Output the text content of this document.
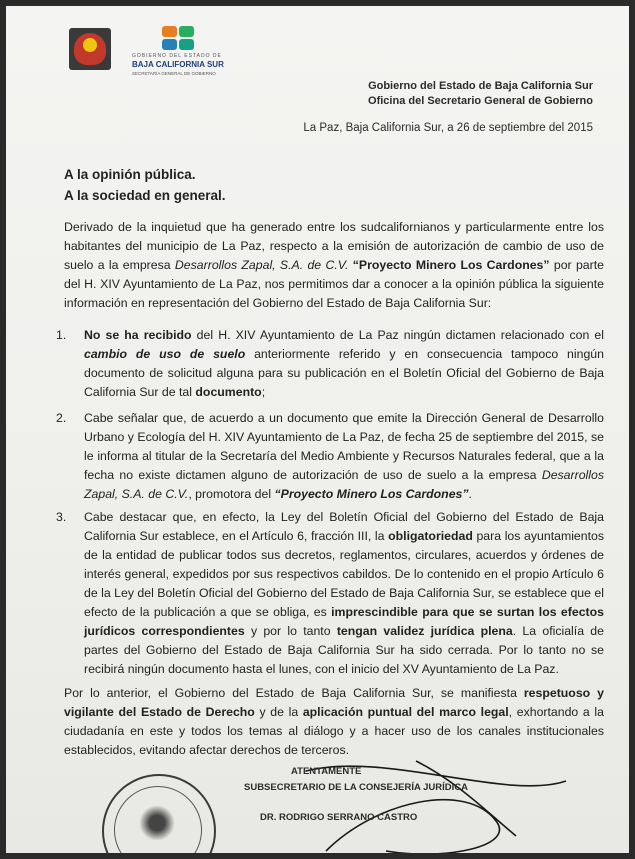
GOBIERNO DEL ESTADO DE
BAJA CALIFORNIA SUR
SECRETARÍA GENERAL DE GOBIERNO
Gobierno del Estado de Baja California Sur
Oficina del Secretario General de Gobierno
La Paz, Baja California Sur, a 26 de septiembre del 2015
A la opinión pública.
A la sociedad en general.
Derivado de la inquietud que ha generado entre los sudcalifornianos y particularmente entre los habitantes del municipio de La Paz, respecto a la emisión de autorización de cambio de uso de suelo a la empresa Desarrollos Zapal, S.A. de C.V. “Proyecto Minero Los Cardones” por parte del H. XIV Ayuntamiento de La Paz, nos permitimos dar a conocer a la opinión pública la siguiente información en representación del Gobierno del Estado de Baja California Sur:
1.	No se ha recibido del H. XIV Ayuntamiento de La Paz ningún dictamen relacionado con el cambio de uso de suelo anteriormente referido y en consecuencia tampoco ningún documento de solicitud alguna para su publicación en el Boletín Oficial del Gobierno de Baja California Sur de tal documento;
2.	Cabe señalar que, de acuerdo a un documento que emite la Dirección General de Desarrollo Urbano y Ecología del H. XIV Ayuntamiento de La Paz, de fecha 25 de septiembre del 2015, se le informa al titular de la Secretaría del Medio Ambiente y Recursos Naturales federal, que a la fecha no existe dictamen alguno de autorización de uso de suelo a la empresa Desarrollos Zapal, S.A. de C.V., promotora del “Proyecto Minero Los Cardones”.
3.	Cabe destacar que, en efecto, la Ley del Boletín Oficial del Gobierno del Estado de Baja California Sur establece, en el Artículo 6, fracción III, la obligatoriedad para los ayuntamientos de la entidad de publicar todos sus decretos, reglamentos, circulares, acuerdos y órdenes de interés general, expedidos por sus respectivos cabildos. De lo contenido en el propio Artículo 6 de la Ley del Boletín Oficial del Gobierno del Estado de Baja California Sur, se establece que el efecto de la publicación a que se obliga, es imprescindible para que se surtan los efectos jurídicos correspondientes y por lo tanto tengan validez jurídica plena. La oficialía de partes del Gobierno del Estado de Baja California Sur ha sido cerrada. Por lo tanto no se recibirá ningún documento hasta el lunes, con el inicio del XV Ayuntamiento de La Paz.
Por lo anterior, el Gobierno del Estado de Baja California Sur, se manifiesta respetuoso y vigilante del Estado de Derecho y de la aplicación puntual del marco legal, exhortando a la ciudadanía en este y todos los temas al diálogo y a hacer uso de los canales institucionales establecidos, evitando afectar derechos de terceros.
ATENTAMENTE
SUBSECRETARIO DE LA CONSEJERÍA JURÍDICA
DR. RODRIGO SERRANO CASTRO
